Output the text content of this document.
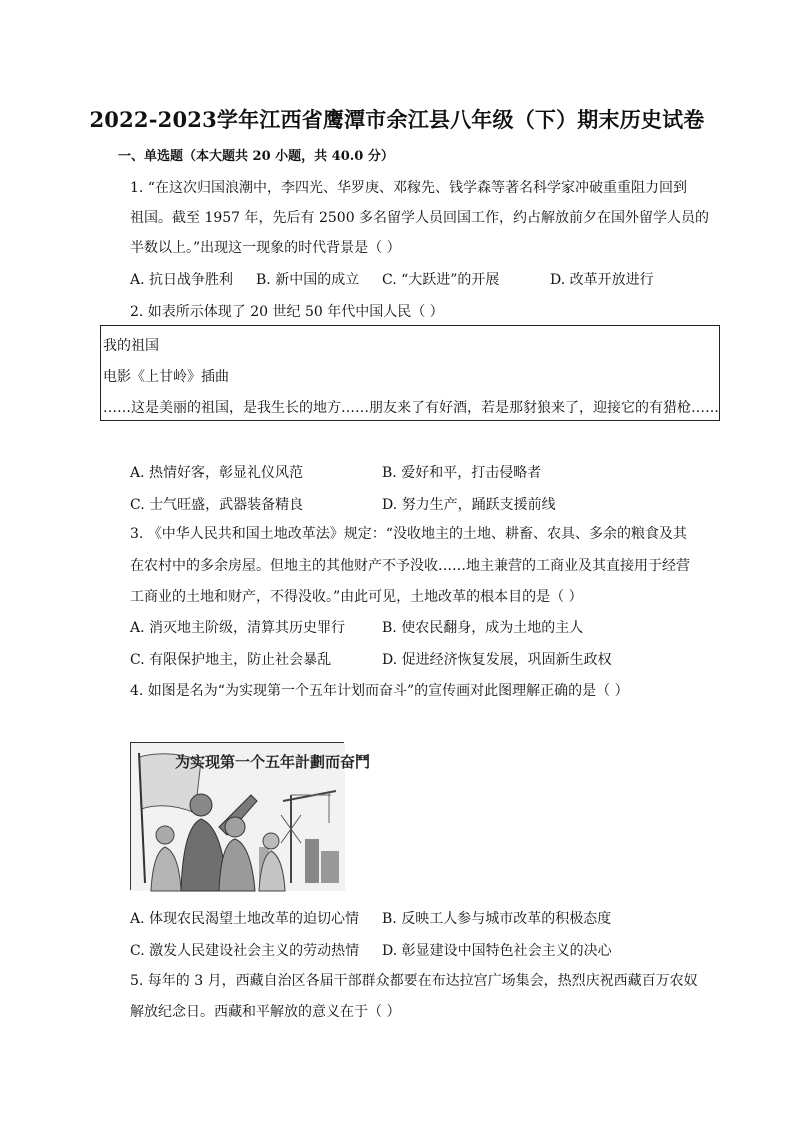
2022-2023学年江西省鹰潭市余江县八年级（下）期末历史试卷
一、单选题（本大题共 20 小题，共 40.0 分）
1. “在这次归国浪潮中，李四光、华罗庚、邓稼先、钱学森等著名科学家冲破重重阻力回到
祖国。截至 1957 年，先后有 2500 多名留学人员回国工作，约占解放前夕在国外留学人员的
半数以上。”出现这一现象的时代背景是（ ）
A. 抗日战争胜利 B. 新中国的成立 C. “大跃进”的开展	D. 改革开放进行
2. 如表所示体现了 20 世纪 50 年代中国人民（ ）
我的祖国
电影《上甘岭》插曲
……这是美丽的祖国，是我生长的地方……朋友来了有好酒，若是那豺狼来了，迎接它的有猎枪……
A. 热情好客，彰显礼仪风范	B. 爱好和平，打击侵略者
C. 士气旺盛，武器装备精良	D. 努力生产，踊跃支援前线
3. 《中华人民共和国土地改革法》规定：“没收地主的土地、耕畜、农具、多余的粮食及其
在农村中的多余房屋。但地主的其他财产不予没收……地主兼营的工商业及其直接用于经营
工商业的土地和财产，不得没收。”由此可见，土地改革的根本目的是（ ）
A. 消灭地主阶级，清算其历史罪行	B. 使农民翻身，成为土地的主人
C. 有限保护地主，防止社会暴乱	D. 促进经济恢复发展，巩固新生政权
4. 如图是名为“为实现第一个五年计划而奋斗”的宣传画对此图理解正确的是（ ）
为实现第一个五年計劃而奋鬥
A. 体现农民渴望土地改革的迫切心情 B. 反映工人参与城市改革的积极态度
C. 激发人民建设社会主义的劳动热情 D. 彰显建设中国特色社会主义的决心
5. 每年的 3 月，西藏自治区各届干部群众都要在布达拉宫广场集会，热烈庆祝西藏百万农奴
解放纪念日。西藏和平解放的意义在于（ ）
